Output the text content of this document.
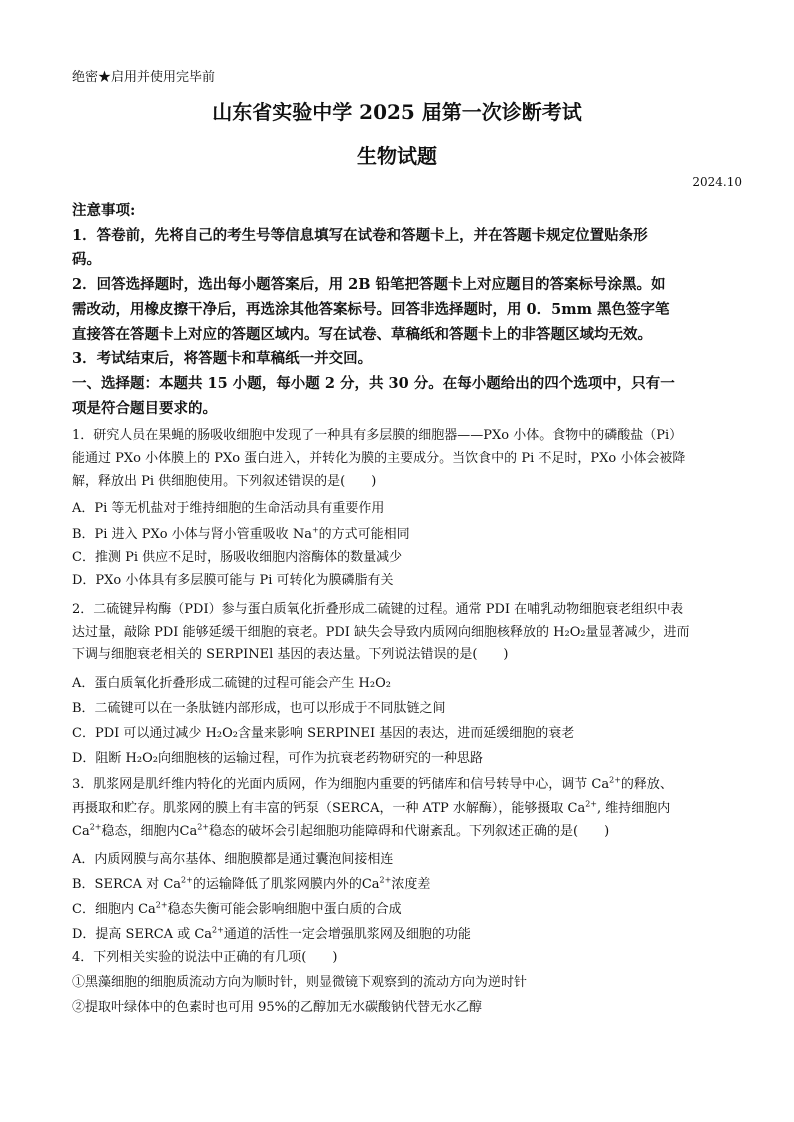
绝密★启用并使用完毕前
山东省实验中学 2025 届第一次诊断考试
生物试题
2024.10
注意事项:
1．答卷前，先将自己的考生号等信息填写在试卷和答题卡上，并在答题卡规定位置贴条形
码。
2．回答选择题时，选出每小题答案后，用 2B 铅笔把答题卡上对应题目的答案标号涂黑。如
需改动，用橡皮擦干净后，再选涂其他答案标号。回答非选择题时，用 0．5mm 黑色签字笔
直接答在答题卡上对应的答题区域内。写在试卷、草稿纸和答题卡上的非答题区域均无效。
3．考试结束后，将答题卡和草稿纸一并交回。
一、选择题：本题共 15 小题，每小题 2 分，共 30 分。在每小题给出的四个选项中，只有一
项是符合题目要求的。
1．研究人员在果蝇的肠吸收细胞中发现了一种具有多层膜的细胞器——PXo 小体。食物中的磷酸盐（Pi）
能通过 PXo 小体膜上的 PXo 蛋白进入，并转化为膜的主要成分。当饮食中的 Pi 不足时，PXo 小体会被降
解，释放出 Pi 供细胞使用。下列叙述错误的是(　　)
A．Pi 等无机盐对于维持细胞的生命活动具有重要作用
B．Pi 进入 PXo 小体与肾小管重吸收 Na+的方式可能相同
C．推测 Pi 供应不足时，肠吸收细胞内溶酶体的数量减少
D．PXo 小体具有多层膜可能与 Pi 可转化为膜磷脂有关
2．二硫键异构酶（PDI）参与蛋白质氧化折叠形成二硫键的过程。通常 PDI 在哺乳动物细胞衰老组织中表
达过量，敲除 PDI 能够延缓干细胞的衰老。PDI 缺失会导致内质网向细胞核释放的 H₂O₂量显著减少，进而
下调与细胞衰老相关的 SERPINEl 基因的表达量。下列说法错误的是(　　)
A．蛋白质氧化折叠形成二硫键的过程可能会产生 H₂O₂
B．二硫键可以在一条肽链内部形成，也可以形成于不同肽链之间
C．PDI 可以通过减少 H₂O₂含量来影响 SERPINEI 基因的表达，进而延缓细胞的衰老
D．阻断 H₂O₂向细胞核的运输过程，可作为抗衰老药物研究的一种思路
3．肌浆网是肌纤维内特化的光面内质网，作为细胞内重要的钙储库和信号转导中心，调节 $Ca^{2+}$的释放、
再摄取和贮存。肌浆网的膜上有丰富的钙泵（SERCA，一种 ATP 水解酶），能够摄取 $Ca^{2+}$, 维持细胞内
$Ca^{2+}$稳态，细胞内$Ca^{2+}$稳态的破坏会引起细胞功能障碍和代谢紊乱。下列叙述正确的是(　　)
A．内质网膜与高尔基体、细胞膜都是通过囊泡间接相连
B．SERCA 对 $Ca^{2+}$的运输降低了肌浆网膜内外的$Ca^{2+}$浓度差
C．细胞内 $Ca^{2+}$稳态失衡可能会影响细胞中蛋白质的合成
D．提高 SERCA 或 $Ca^{2+}$通道的活性一定会增强肌浆网及细胞的功能
4．下列相关实验的说法中正确的有几项(　　)
①黑藻细胞的细胞质流动方向为顺时针，则显微镜下观察到的流动方向为逆时针
②提取叶绿体中的色素时也可用 95%的乙醇加无水碳酸钠代替无水乙醇
